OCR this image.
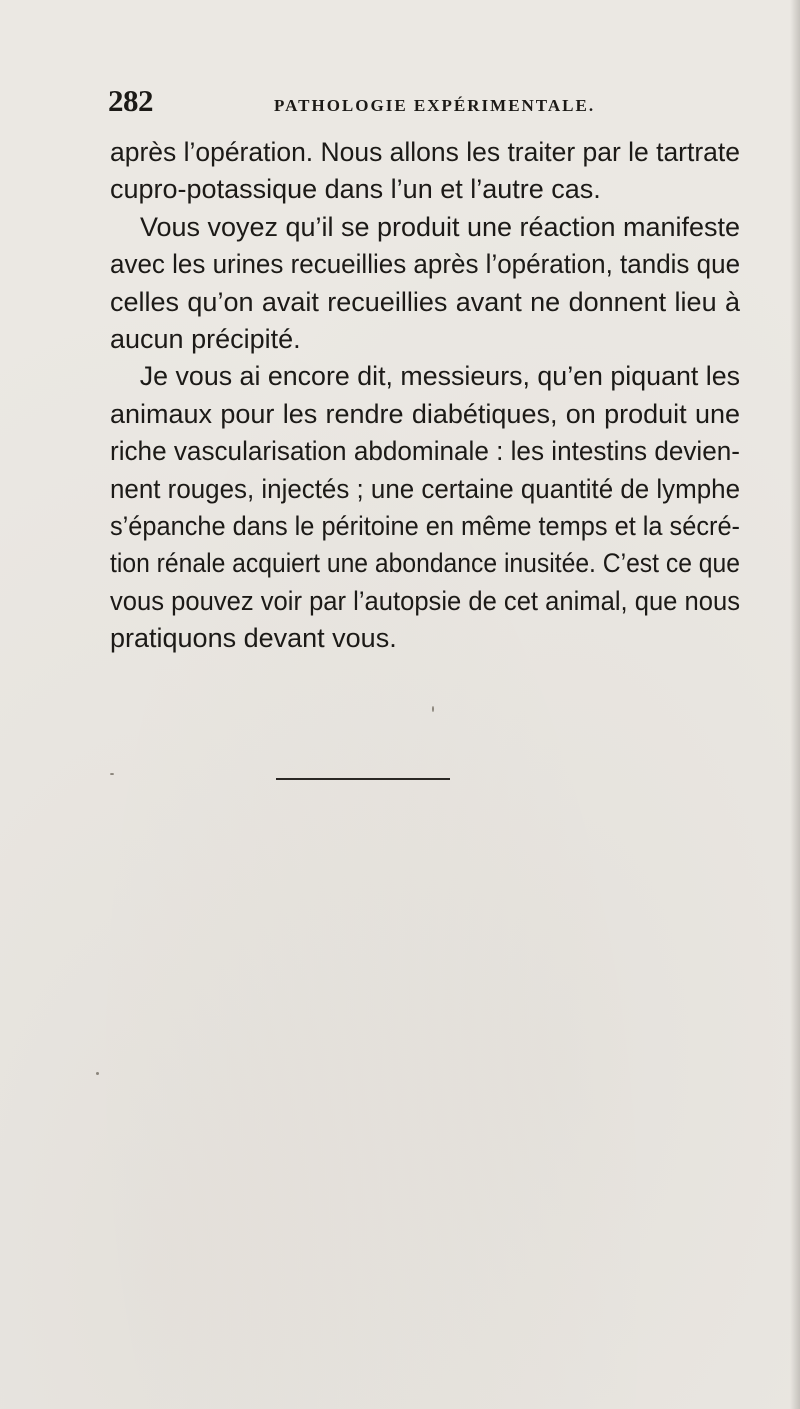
282	PATHOLOGIE EXPÉRIMENTALE.
après l’opération. Nous allons les traiter par le tartrate
cupro-potassique dans l’un et l’autre cas.
Vous voyez qu’il se produit une réaction manifeste
avec les urines recueillies après l’opération, tandis que
celles qu’on avait recueillies avant ne donnent lieu à
aucun précipité.
Je vous ai encore dit, messieurs, qu’en piquant les
animaux pour les rendre diabétiques, on produit une
riche vascularisation abdominale : les intestins devien-
nent rouges, injectés ; une certaine quantité de lymphe
s’épanche dans le péritoine en même temps et la sécré-
tion rénale acquiert une abondance inusitée. C’est ce que
vous pouvez voir par l’autopsie de cet animal, que nous
pratiquons devant vous.
